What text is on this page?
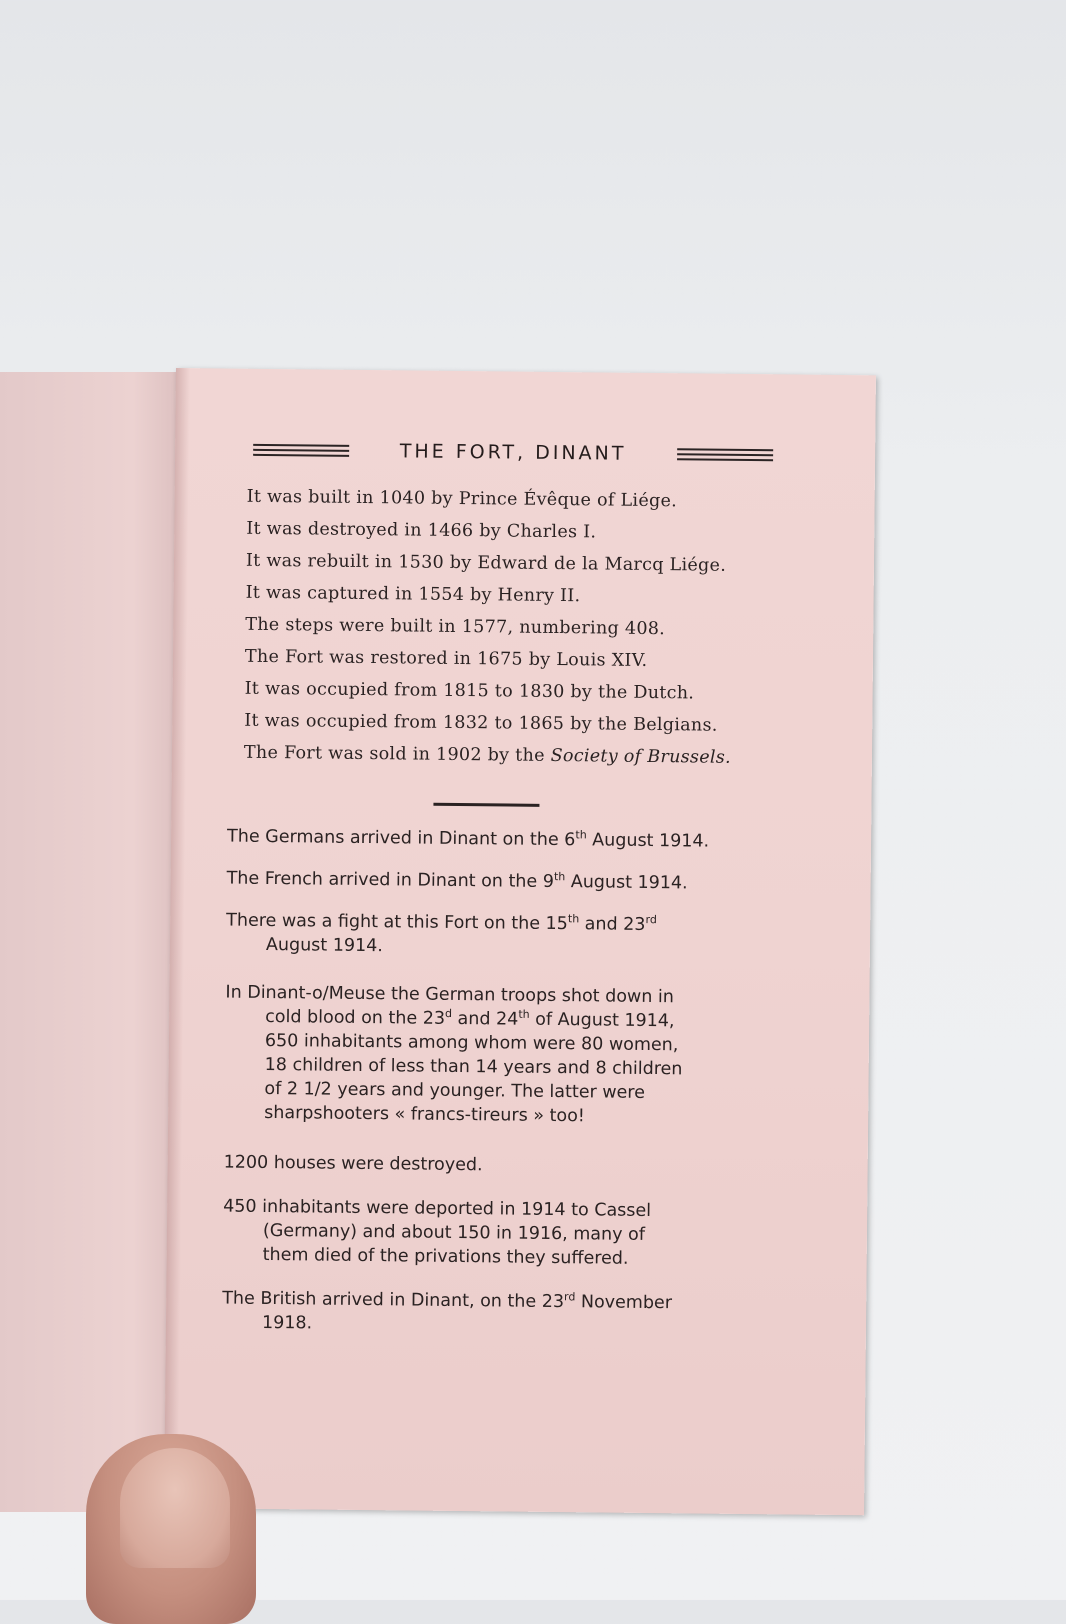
THE FORT, DINANT
It was built in 1040 by Prince Évêque of Liége.
It was destroyed in 1466 by Charles I.
It was rebuilt in 1530 by Edward de la Marcq Liége.
It was captured in 1554 by Henry II.
The steps were built in 1577, numbering 408.
The Fort was restored in 1675 by Louis XIV.
It was occupied from 1815 to 1830 by the Dutch.
It was occupied from 1832 to 1865 by the Belgians.
The Fort was sold in 1902 by the Society of Brussels.
The Germans arrived in Dinant on the 6th August 1914.
The French arrived in Dinant on the 9th August 1914.
There was a fight at this Fort on the 15th and 23rd
August 1914.
In Dinant-o/Meuse the German troops shot down in
cold blood on the 23$^d$ and 24th of August 1914,
650 inhabitants among whom were 80 women,
18 children of less than 14 years and 8 children
of 2 1/2 years and younger. The latter were
sharpshooters « francs-tireurs » too!
1200 houses were destroyed.
450 inhabitants were deported in 1914 to Cassel
(Germany) and about 150 in 1916, many of
them died of the privations they suffered.
The British arrived in Dinant, on the 23rd November
1918.
